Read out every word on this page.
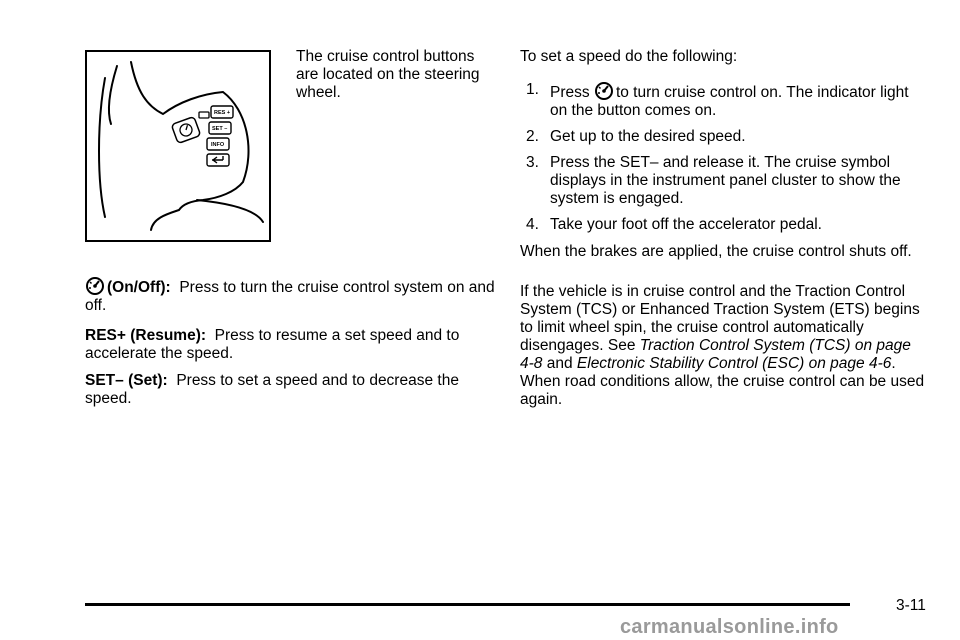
RES +
SET –
INFO

The cruise control buttons are located on the steering wheel.

(On/Off): Press to turn the cruise control system on and off.

RES+ (Resume): Press to resume a set speed and to accelerate the speed.

SET– (Set): Press to set a speed and to decrease the speed.

To set a speed do the following:

1. Press to turn cruise control on. The indicator light on the button comes on.
2. Get up to the desired speed.
3. Press the SET– and release it. The cruise symbol displays in the instrument panel cluster to show the system is engaged.
4. Take your foot off the accelerator pedal.

When the brakes are applied, the cruise control shuts off.

If the vehicle is in cruise control and the Traction Control System (TCS) or Enhanced Traction System (ETS) begins to limit wheel spin, the cruise control automatically disengages. See Traction Control System (TCS) on page 4-8 and Electronic Stability Control (ESC) on page 4-6. When road conditions allow, the cruise control can be used again.

3-11
carmanualsonline.info
